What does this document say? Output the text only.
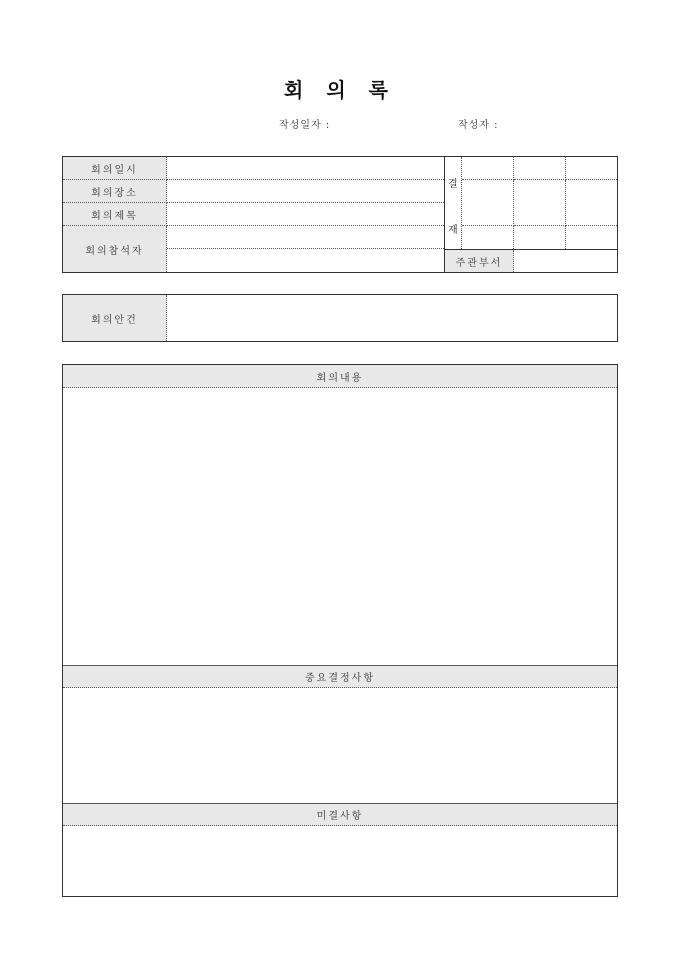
회 의 록
작성일자 :	작성자 :
회의일시
회의장소
회의제목
회의참석자
결
재
주관부서
회의안건
회의내용
중요결정사항
미결사항
